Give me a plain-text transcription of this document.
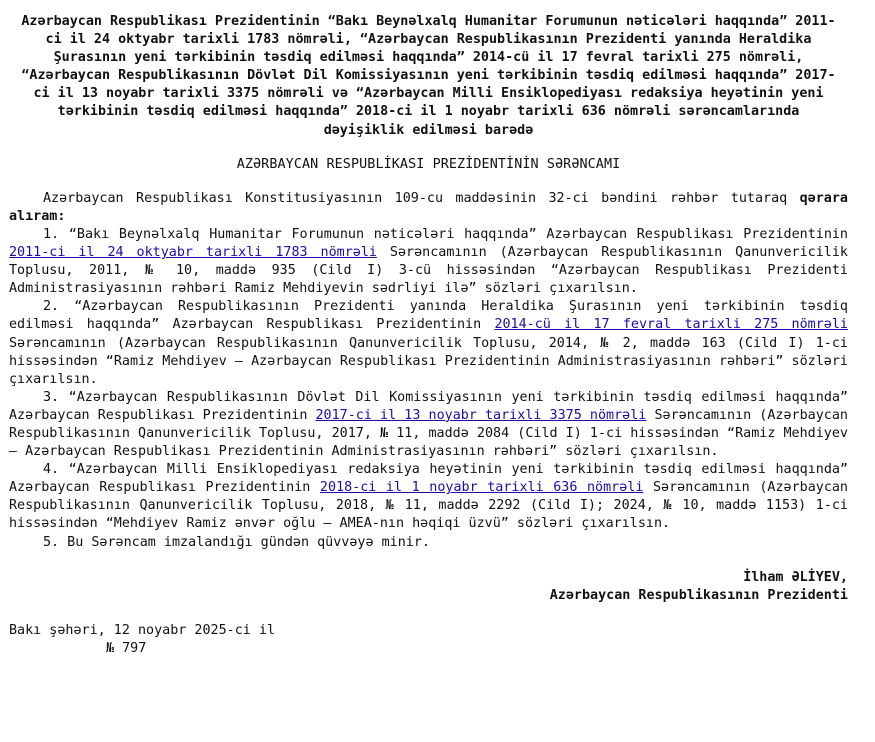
Azərbaycan Respublikası Prezidentinin “Bakı Beynəlxalq Humanitar Forumunun nəticələri haqqında” 2011-ci il 24 oktyabr tarixli 1783 nömrəli, “Azərbaycan Respublikasının Prezidenti yanında Heraldika Şurasının yeni tərkibinin təsdiq edilməsi haqqında” 2014-cü il 17 fevral tarixli 275 nömrəli, “Azərbaycan Respublikasının Dövlət Dil Komissiyasının yeni tərkibinin təsdiq edilməsi haqqında” 2017-ci il 13 noyabr tarixli 3375 nömrəli və “Azərbaycan Milli Ensiklopediyası redaksiya heyətinin yeni tərkibinin təsdiq edilməsi haqqında” 2018-ci il 1 noyabr tarixli 636 nömrəli sərəncamlarında dəyişiklik edilməsi barədə
AZƏRBAYCAN RESPUBLİKASI PREZİDENTİNİN SƏRƏNCAMI

Azərbaycan Respublikası Konstitusiyasının 109-cu maddəsinin 32-ci bəndini rəhbər tutaraq qərara alıram:

1. “Bakı Beynəlxalq Humanitar Forumunun nəticələri haqqında” Azərbaycan Respublikası Prezidentinin 2011-ci il 24 oktyabr tarixli 1783 nömrəli Sərəncamının (Azərbaycan Respublikasının Qanunvericilik Toplusu, 2011, № 10, maddə 935 (Cild I) 3-cü hissəsindən “Azərbaycan Respublikası Prezidenti Administrasiyasının rəhbəri Ramiz Mehdiyevin sədrliyi ilə” sözləri çıxarılsın.

2. “Azərbaycan Respublikasının Prezidenti yanında Heraldika Şurasının yeni tərkibinin təsdiq edilməsi haqqında” Azərbaycan Respublikası Prezidentinin 2014-cü il 17 fevral tarixli 275 nömrəli Sərəncamının (Azərbaycan Respublikasının Qanunvericilik Toplusu, 2014, № 2, maddə 163 (Cild I) 1-ci hissəsindən “Ramiz Mehdiyev — Azərbaycan Respublikası Prezidentinin Administrasiyasının rəhbəri” sözləri çıxarılsın.

3. “Azərbaycan Respublikasının Dövlət Dil Komissiyasının yeni tərkibinin təsdiq edilməsi haqqında” Azərbaycan Respublikası Prezidentinin 2017-ci il 13 noyabr tarixli 3375 nömrəli Sərəncamının (Azərbaycan Respublikasının Qanunvericilik Toplusu, 2017, № 11, maddə 2084 (Cild I) 1-ci hissəsindən “Ramiz Mehdiyev — Azərbaycan Respublikası Prezidentinin Administrasiyasının rəhbəri” sözləri çıxarılsın.

4. “Azərbaycan Milli Ensiklopediyası redaksiya heyətinin yeni tərkibinin təsdiq edilməsi haqqında” Azərbaycan Respublikası Prezidentinin 2018-ci il 1 noyabr tarixli 636 nömrəli Sərəncamının (Azərbaycan Respublikasının Qanunvericilik Toplusu, 2018, № 11, maddə 2292 (Cild I); 2024, № 10, maddə 1153) 1-ci hissəsindən “Mehdiyev Ramiz ənvər oğlu — AMEA-nın həqiqi üzvü” sözləri çıxarılsın.

5. Bu Sərəncam imzalandığı gündən qüvvəyə minir.

İlham ƏLİYEV,
Azərbaycan Respublikasının Prezidenti
Bakı şəhəri, 12 noyabr 2025-ci il
№ 797
